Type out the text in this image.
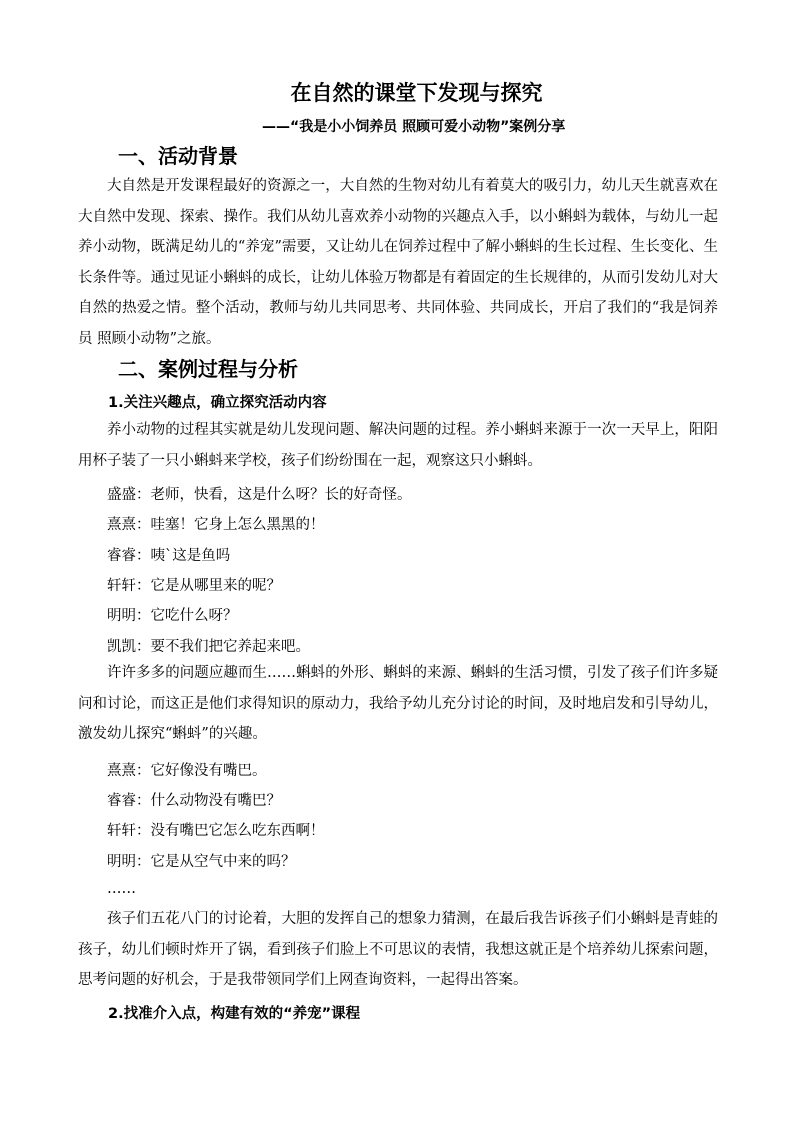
在自然的课堂下发现与探究
——“我是小小饲养员 照顾可爱小动物”案例分享
一、活动背景

大自然是开发课程最好的资源之一，大自然的生物对幼儿有着莫大的吸引力，幼儿天生就喜欢在大自然中发现、探索、操作。我们从幼儿喜欢养小动物的兴趣点入手，以小蝌蚪为载体，与幼儿一起养小动物，既满足幼儿的“养宠”需要，又让幼儿在饲养过程中了解小蝌蚪的生长过程、生长变化、生长条件等。通过见证小蝌蚪的成长，让幼儿体验万物都是有着固定的生长规律的，从而引发幼儿对大自然的热爱之情。整个活动，教师与幼儿共同思考、共同体验、共同成长，开启了我们的“我是饲养员 照顾小动物”之旅。

二、案例过程与分析
1.关注兴趣点，确立探究活动内容

养小动物的过程其实就是幼儿发现问题、解决问题的过程。养小蝌蚪来源于一次一天早上，阳阳用杯子装了一只小蝌蚪来学校，孩子们纷纷围在一起，观察这只小蝌蚪。

盛盛：老师，快看，这是什么呀？长的好奇怪。
熹熹：哇塞！它身上怎么黑黑的！
睿睿：咦`这是鱼吗
轩轩：它是从哪里来的呢？
明明：它吃什么呀？
凯凯：要不我们把它养起来吧。

许许多多的问题应趣而生……蝌蚪的外形、蝌蚪的来源、蝌蚪的生活习惯，引发了孩子们许多疑问和讨论，而这正是他们求得知识的原动力，我给予幼儿充分讨论的时间，及时地启发和引导幼儿，激发幼儿探究“蝌蚪”的兴趣。

熹熹：它好像没有嘴巴。
睿睿：什么动物没有嘴巴？
轩轩：没有嘴巴它怎么吃东西啊！
明明：它是从空气中来的吗？
……

孩子们五花八门的讨论着，大胆的发挥自己的想象力猜测，在最后我告诉孩子们小蝌蚪是青蛙的孩子，幼儿们顿时炸开了锅，看到孩子们脸上不可思议的表情，我想这就正是个培养幼儿探索问题，思考问题的好机会，于是我带领同学们上网查询资料，一起得出答案。

2.找准介入点，构建有效的“养宠”课程
